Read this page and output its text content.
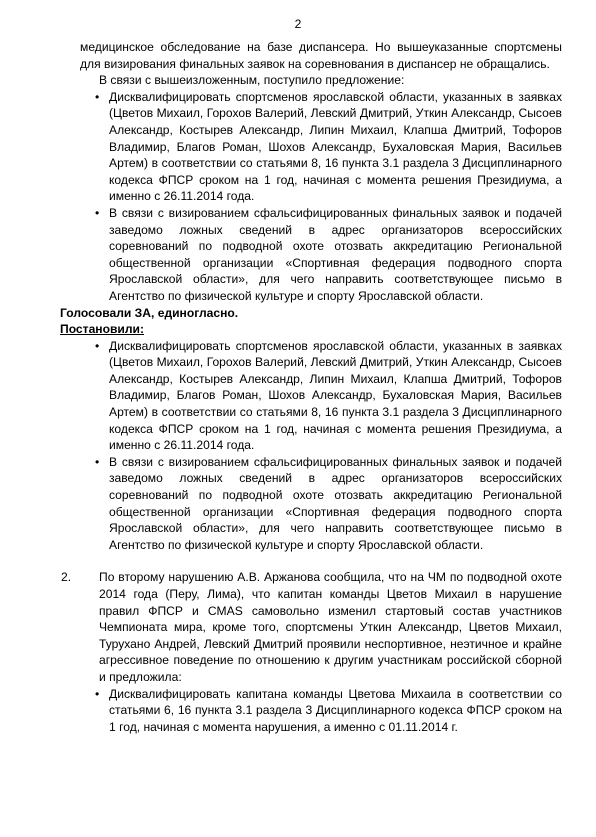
2

медицинское обследование на базе диспансера. Но вышеуказанные спортсмены для визирования финальных заявок на соревнования в диспансер не обращались.

В связи с вышеизложенным, поступило предложение:

• Дисквалифицировать спортсменов ярославской области, указанных в заявках (Цветов Михаил, Горохов Валерий, Левский Дмитрий, Уткин Александр, Сысоев Александр, Костырев Александр, Липин Михаил, Клапша Дмитрий, Тофоров Владимир, Благов Роман, Шохов Александр, Бухаловская Мария, Васильев Артем) в соответствии со статьями 8, 16 пункта 3.1 раздела 3 Дисциплинарного кодекса ФПСР сроком на 1 год, начиная с момента решения Президиума, а именно с 26.11.2014 года.
• В связи с визированием сфальсифицированных финальных заявок и подачей заведомо ложных сведений в адрес организаторов всероссийских соревнований по подводной охоте отозвать аккредитацию Региональной общественной организации «Спортивная федерация подводного спорта Ярославской области», для чего направить соответствующее письмо в Агентство по физической культуре и спорту Ярославской области.

Голосовали ЗА, единогласно.

Постановили:

• Дисквалифицировать спортсменов ярославской области, указанных в заявках (Цветов Михаил, Горохов Валерий, Левский Дмитрий, Уткин Александр, Сысоев Александр, Костырев Александр, Липин Михаил, Клапша Дмитрий, Тофоров Владимир, Благов Роман, Шохов Александр, Бухаловская Мария, Васильев Артем) в соответствии со статьями 8, 16 пункта 3.1 раздела 3 Дисциплинарного кодекса ФПСР сроком на 1 год, начиная с момента решения Президиума, а именно с 26.11.2014 года.
• В связи с визированием сфальсифицированных финальных заявок и подачей заведомо ложных сведений в адрес организаторов всероссийских соревнований по подводной охоте отозвать аккредитацию Региональной общественной организации «Спортивная федерация подводного спорта Ярославской области», для чего направить соответствующее письмо в Агентство по физической культуре и спорту Ярославской области.
2.	По второму нарушению А.В. Аржанова сообщила, что на ЧМ по подводной охоте 2014 года (Перу, Лима), что капитан команды Цветов Михаил в нарушение правил ФПСР и CMAS самовольно изменил стартовый состав участников Чемпионата мира, кроме того, спортсмены Уткин Александр, Цветов Михаил, Турухано Андрей, Левский Дмитрий проявили неспортивное, неэтичное и крайне агрессивное поведение по отношению к другим участникам российской сборной и предложила:
• Дисквалифицировать капитана команды Цветова Михаила в соответствии со статьями 6, 16 пункта 3.1 раздела 3 Дисциплинарного кодекса ФПСР сроком на 1 год, начиная с момента нарушения, а именно с 01.11.2014 г.
